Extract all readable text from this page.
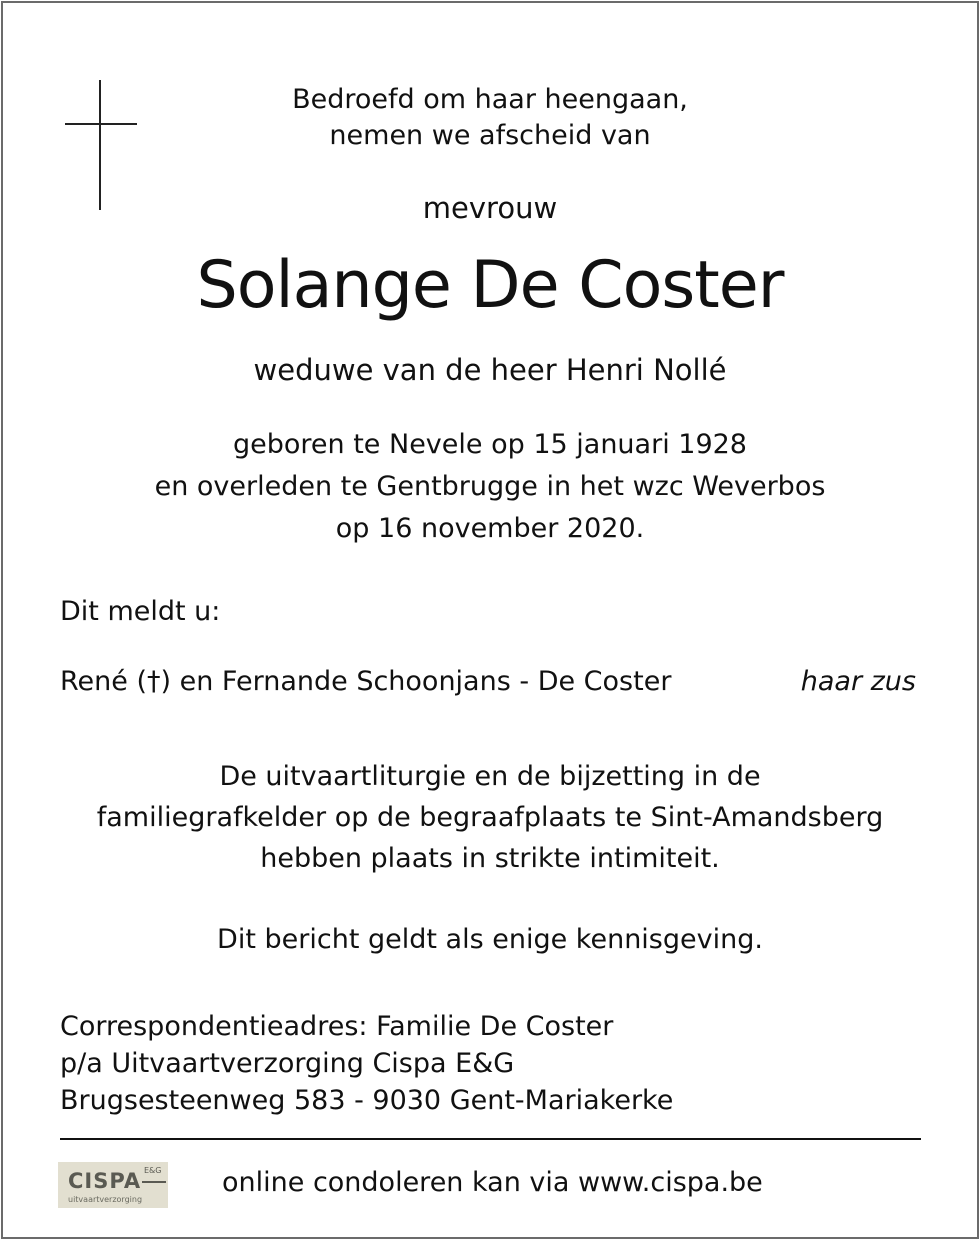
Bedroefd om haar heengaan,
nemen we afscheid van
mevrouw
Solange De Coster
weduwe van de heer Henri Nollé
geboren te Nevele op 15 januari 1928
en overleden te Gentbrugge in het wzc Weverbos
op 16 november 2020.
Dit meldt u:
René (†) en Fernande Schoonjans - De Coster	haar zus
De uitvaartliturgie en de bijzetting in de
familiegrafkelder op de begraafplaats te Sint-Amandsberg
hebben plaats in strikte intimiteit.
Dit bericht geldt als enige kennisgeving.
Correspondentieadres: Familie De Coster
p/a Uitvaartverzorging Cispa E&G
Brugsesteenweg 583 - 9030 Gent-Mariakerke
CISPA E&G
uitvaartverzorging
online condoleren kan via www.cispa.be
